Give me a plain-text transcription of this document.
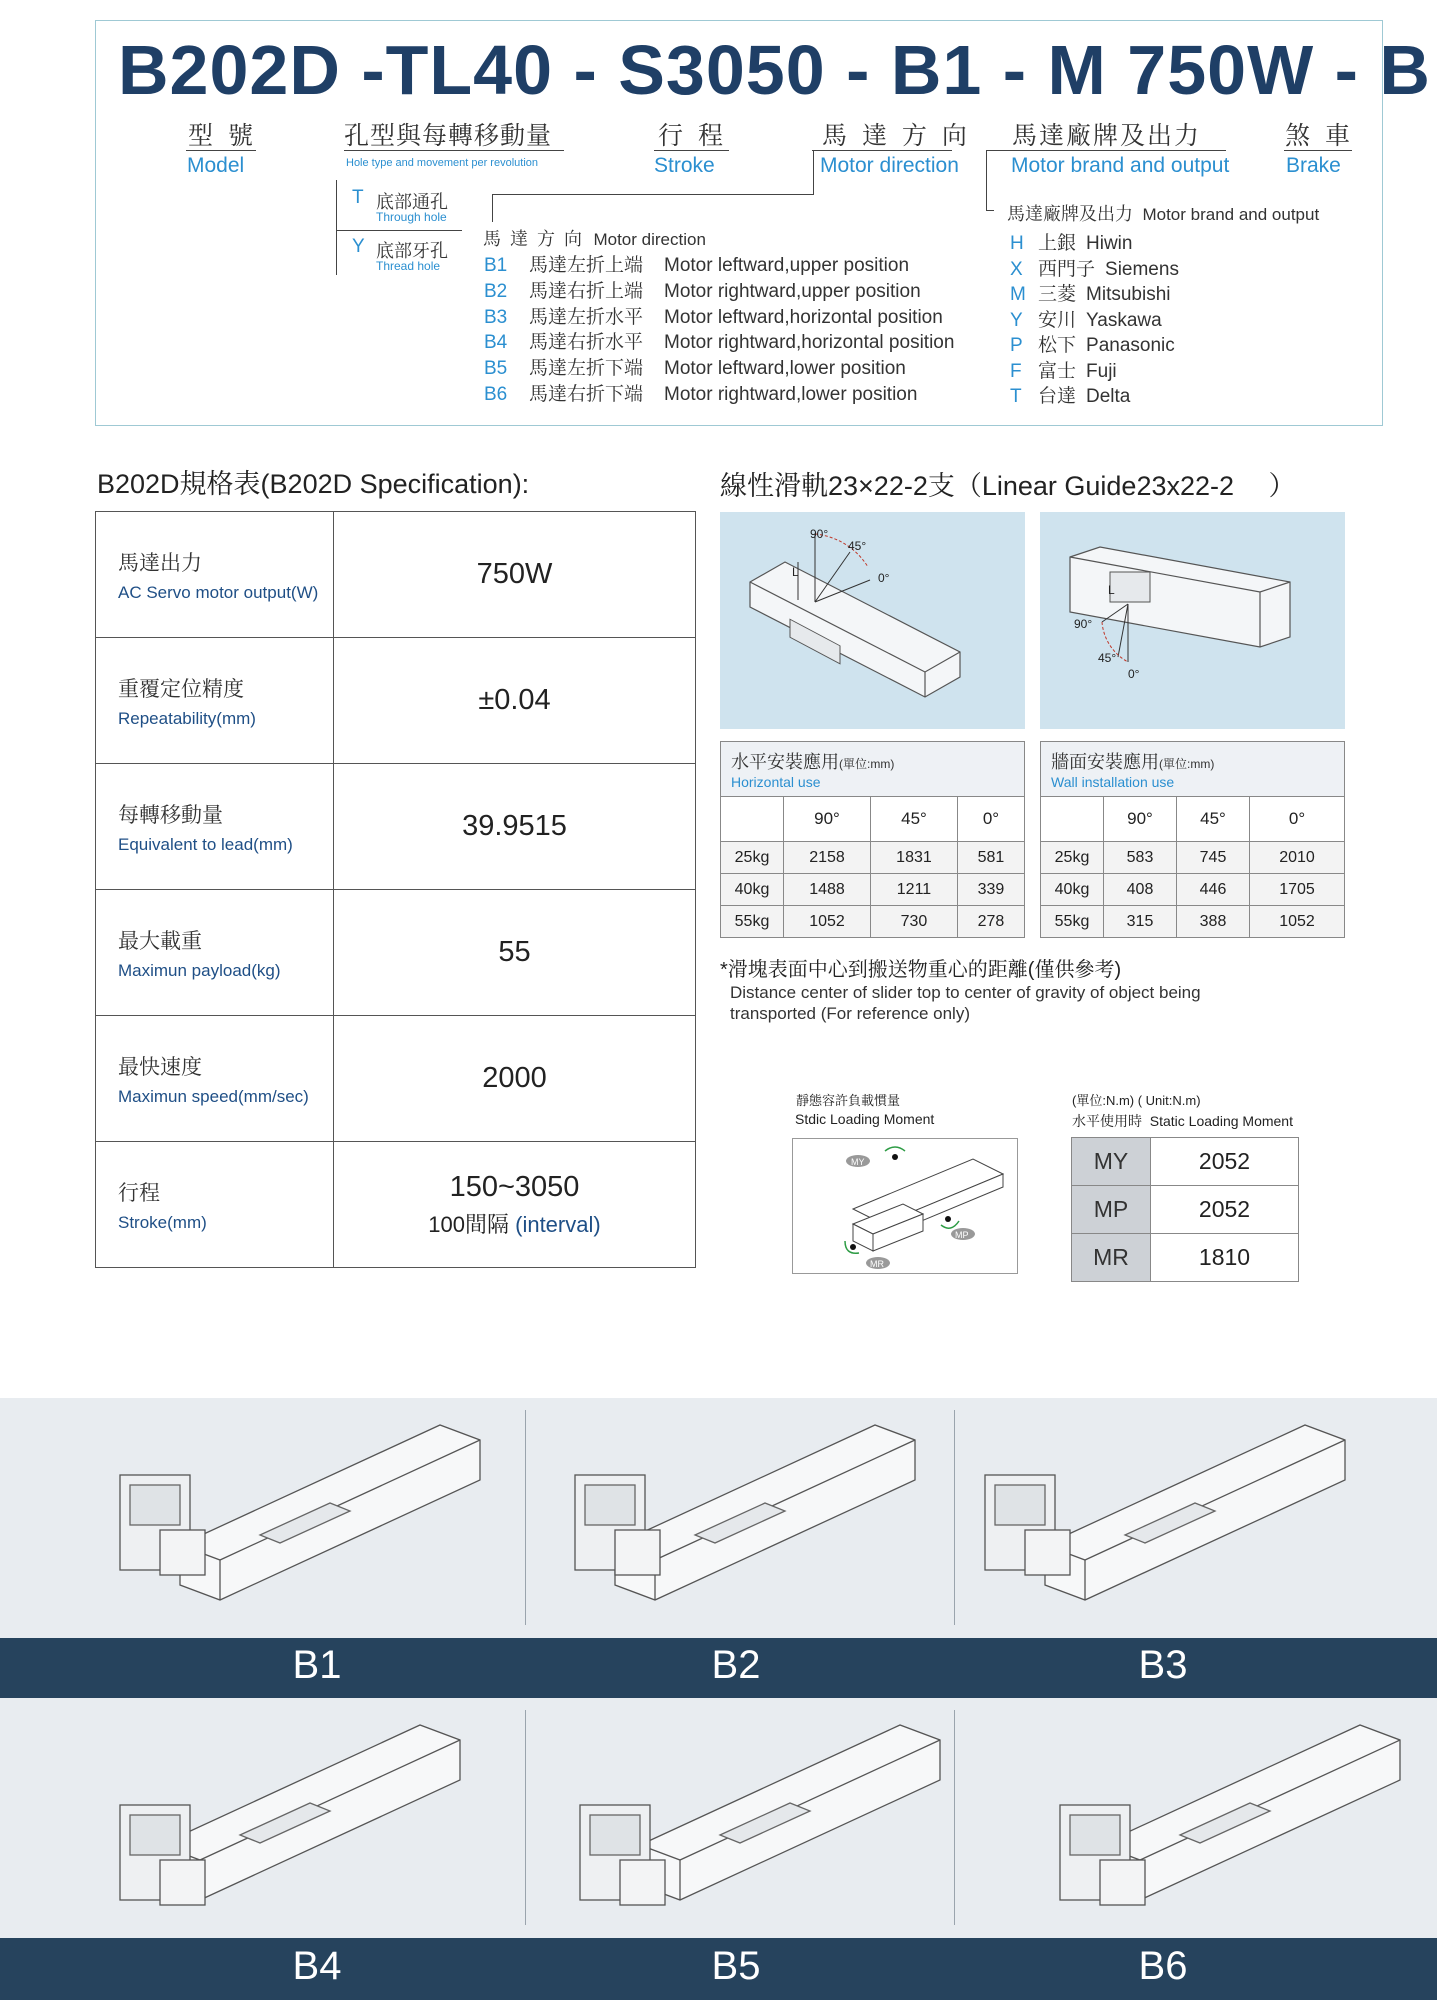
B202D -TL40 - S3050 - B1 - M 750W - B
型 號
Model
孔型與每轉移動量
Hole type and movement per revolution
行 程
Stroke
馬 達 方 向
Motor direction
馬達廠牌及出力
Motor brand and output
煞 車
Brake
T 底部通孔
Through hole
Y 底部牙孔
Thread hole
馬 達 方 向 Motor direction
B1 馬達左折上端 Motor leftward,upper position
B2 馬達右折上端 Motor rightward,upper position
B3 馬達左折水平 Motor leftward,horizontal position
B4 馬達右折水平 Motor rightward,horizontal position
B5 馬達左折下端 Motor leftward,lower position
B6 馬達右折下端 Motor rightward,lower position
馬達廠牌及出力 Motor brand and output
H 上銀 Hiwin
X 西門子 Siemens
M 三菱 Mitsubishi
Y 安川 Yaskawa
P 松下 Panasonic
F 富士 Fuji
T 台達 Delta
B202D規格表(B202D Specification):
馬達出力
AC Servo motor output(W)	750W

重覆定位精度
Repeatability(mm)	±0.04

每轉移動量
Equivalent to lead(mm)	39.9515

最大載重
Maximun payload(kg)	55

最快速度
Maximun speed(mm/sec)	2000

行程
Stroke(mm)	150~3050
100間隔 (interval)
線性滑軌23×22-2支（Linear Guide23x22-2　 ）
90°
45°
0°
L
90°
45°
0°
L
水平安裝應用(單位:mm)
Horizontal use			

	90°	45°	0°
25kg	2158	1831	581
40kg	1488	1211	339
55kg	1052	730	278
牆面安裝應用(單位:mm)
Wall installation use			

	90°	45°	0°
25kg	583	745	2010
40kg	408	446	1705
55kg	315	388	1052
*滑塊表面中心到搬送物重心的距離(僅供參考)
Distance center of slider top to center of gravity of object being transported (For reference only)
靜態容許負載慣量
Stdic Loading Moment
MY
MP
MR
(單位:N.m) ( Unit:N.m)
水平使用時 Static Loading Moment
MY	2052
MP	2052
MR	1810
B1	B2	B3
B4	B5	B6
